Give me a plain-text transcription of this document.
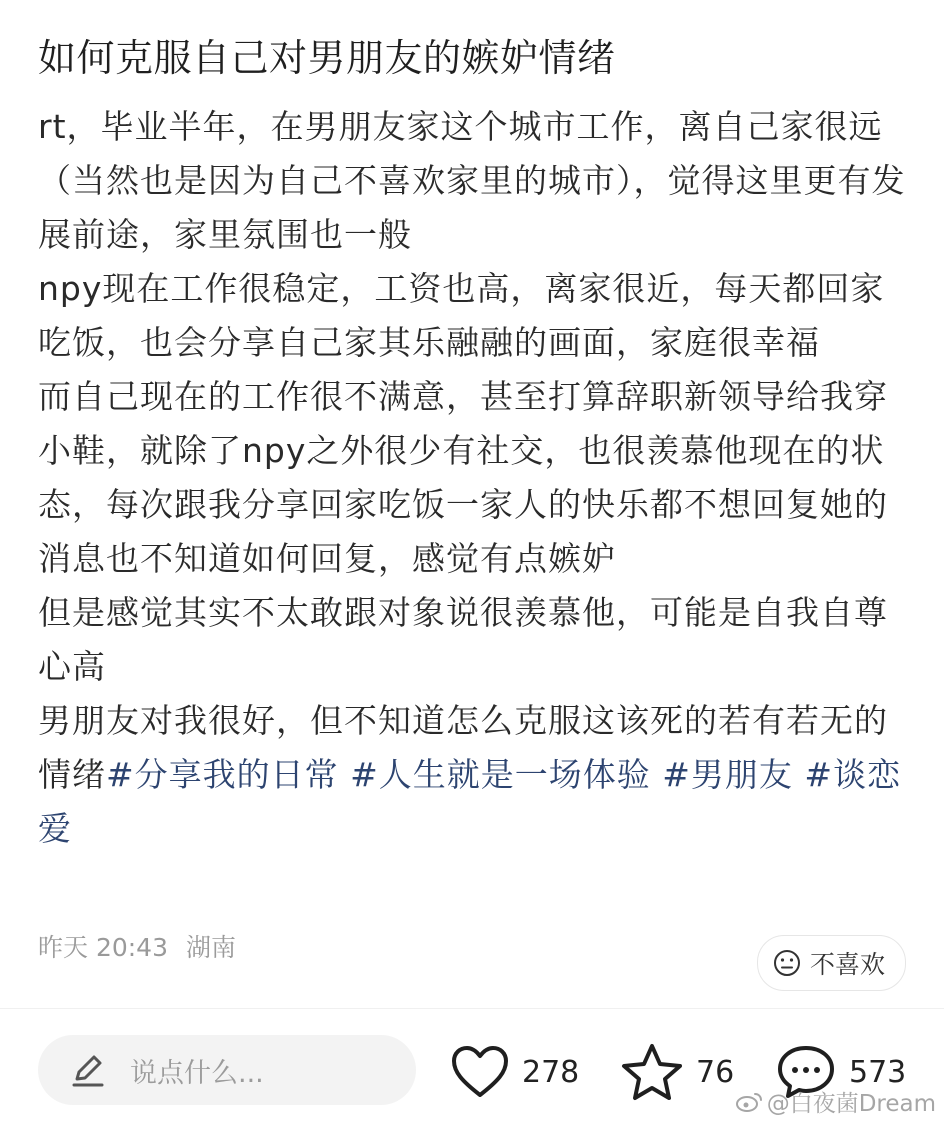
如何克服自己对男朋友的嫉妒情绪

rt，毕业半年，在男朋友家这个城市工作，离自己家很远（当然也是因为自己不喜欢家里的城市），觉得这里更有发展前途，家里氛围也一般

npy现在工作很稳定，工资也高，离家很近，每天都回家吃饭，也会分享自己家其乐融融的画面，家庭很幸福

而自己现在的工作很不满意，甚至打算辞职新领导给我穿小鞋，就除了npy之外很少有社交，也很羡慕他现在的状态，每次跟我分享回家吃饭一家人的快乐都不想回复她的消息也不知道如何回复，感觉有点嫉妒

但是感觉其实不太敢跟对象说很羡慕他，可能是自我自尊心高

男朋友对我很好，但不知道怎么克服这该死的若有若无的情绪#分享我的日常 #人生就是一场体验 #男朋友 #谈恋爱

昨天 20:43 湖南
不喜欢
说点什么...	278	76	573
@白夜菌Dream
